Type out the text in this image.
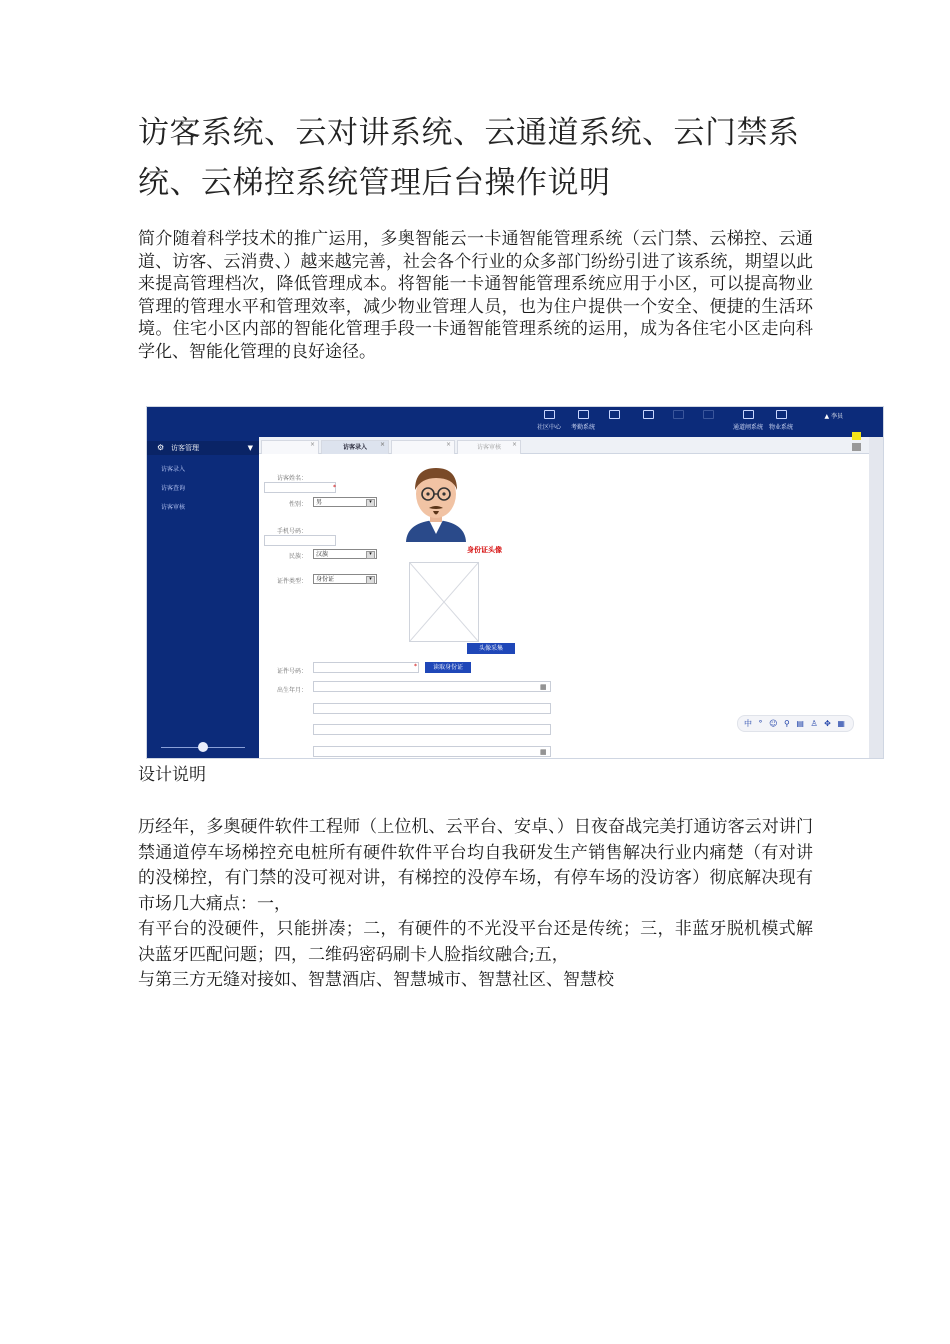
访客系统、云对讲系统、云通道系统、云门禁系统、云梯控系统管理后台操作说明

简介随着科学技术的推广运用，多奥智能云一卡通智能管理系统（云门禁、云梯控、云通道、访客、云消费、）越来越完善，社会各个行业的众多部门纷纷引进了该系统，期望以此来提高管理档次，降低管理成本。将智能一卡通智能管理系统应用于小区，可以提高物业管理的管理水平和管理效率，减少物业管理人员，也为住户提供一个安全、便捷的生活环境。住宅小区内部的智能化管理手段一卡通智能管理系统的运用，成为各住宅小区走向科学化、智能化管理的良好途径。

社区中心 考勤系统	通道闸系统 物业系统
▲ 李员
⚙ 访客管理	▼
访客录入
访客查询
访客审核
×	访客录入 ×	×	访客审核 ×
访客姓名：
*
性别：	男	▾
手机号码：
民族：	汉族	▾
证件类型：	身份证	▾
身份证头像
头像采集
证件号码：
*	读取身份证
出生年月：	▦
▦
中 ° ☺ ⚲ ▤ ♙ ✥ ▦
设计说明
历经年，多奥硬件软件工程师（上位机、云平台、安卓、）日夜奋战完美打通访客云对讲门禁通道停车场梯控充电桩所有硬件软件平台均自我研发生产销售解决行业内痛楚（有对讲的没梯控，有门禁的没可视对讲，有梯控的没停车场，有停车场的没访客）彻底解决现有市场几大痛点：一，
有平台的没硬件，只能拼凑；二，有硬件的不光没平台还是传统；三，非蓝牙脱机模式解决蓝牙匹配问题；四，二维码密码刷卡人脸指纹融合;五，
与第三方无缝对接如、智慧酒店、智慧城市、智慧社区、智慧校
